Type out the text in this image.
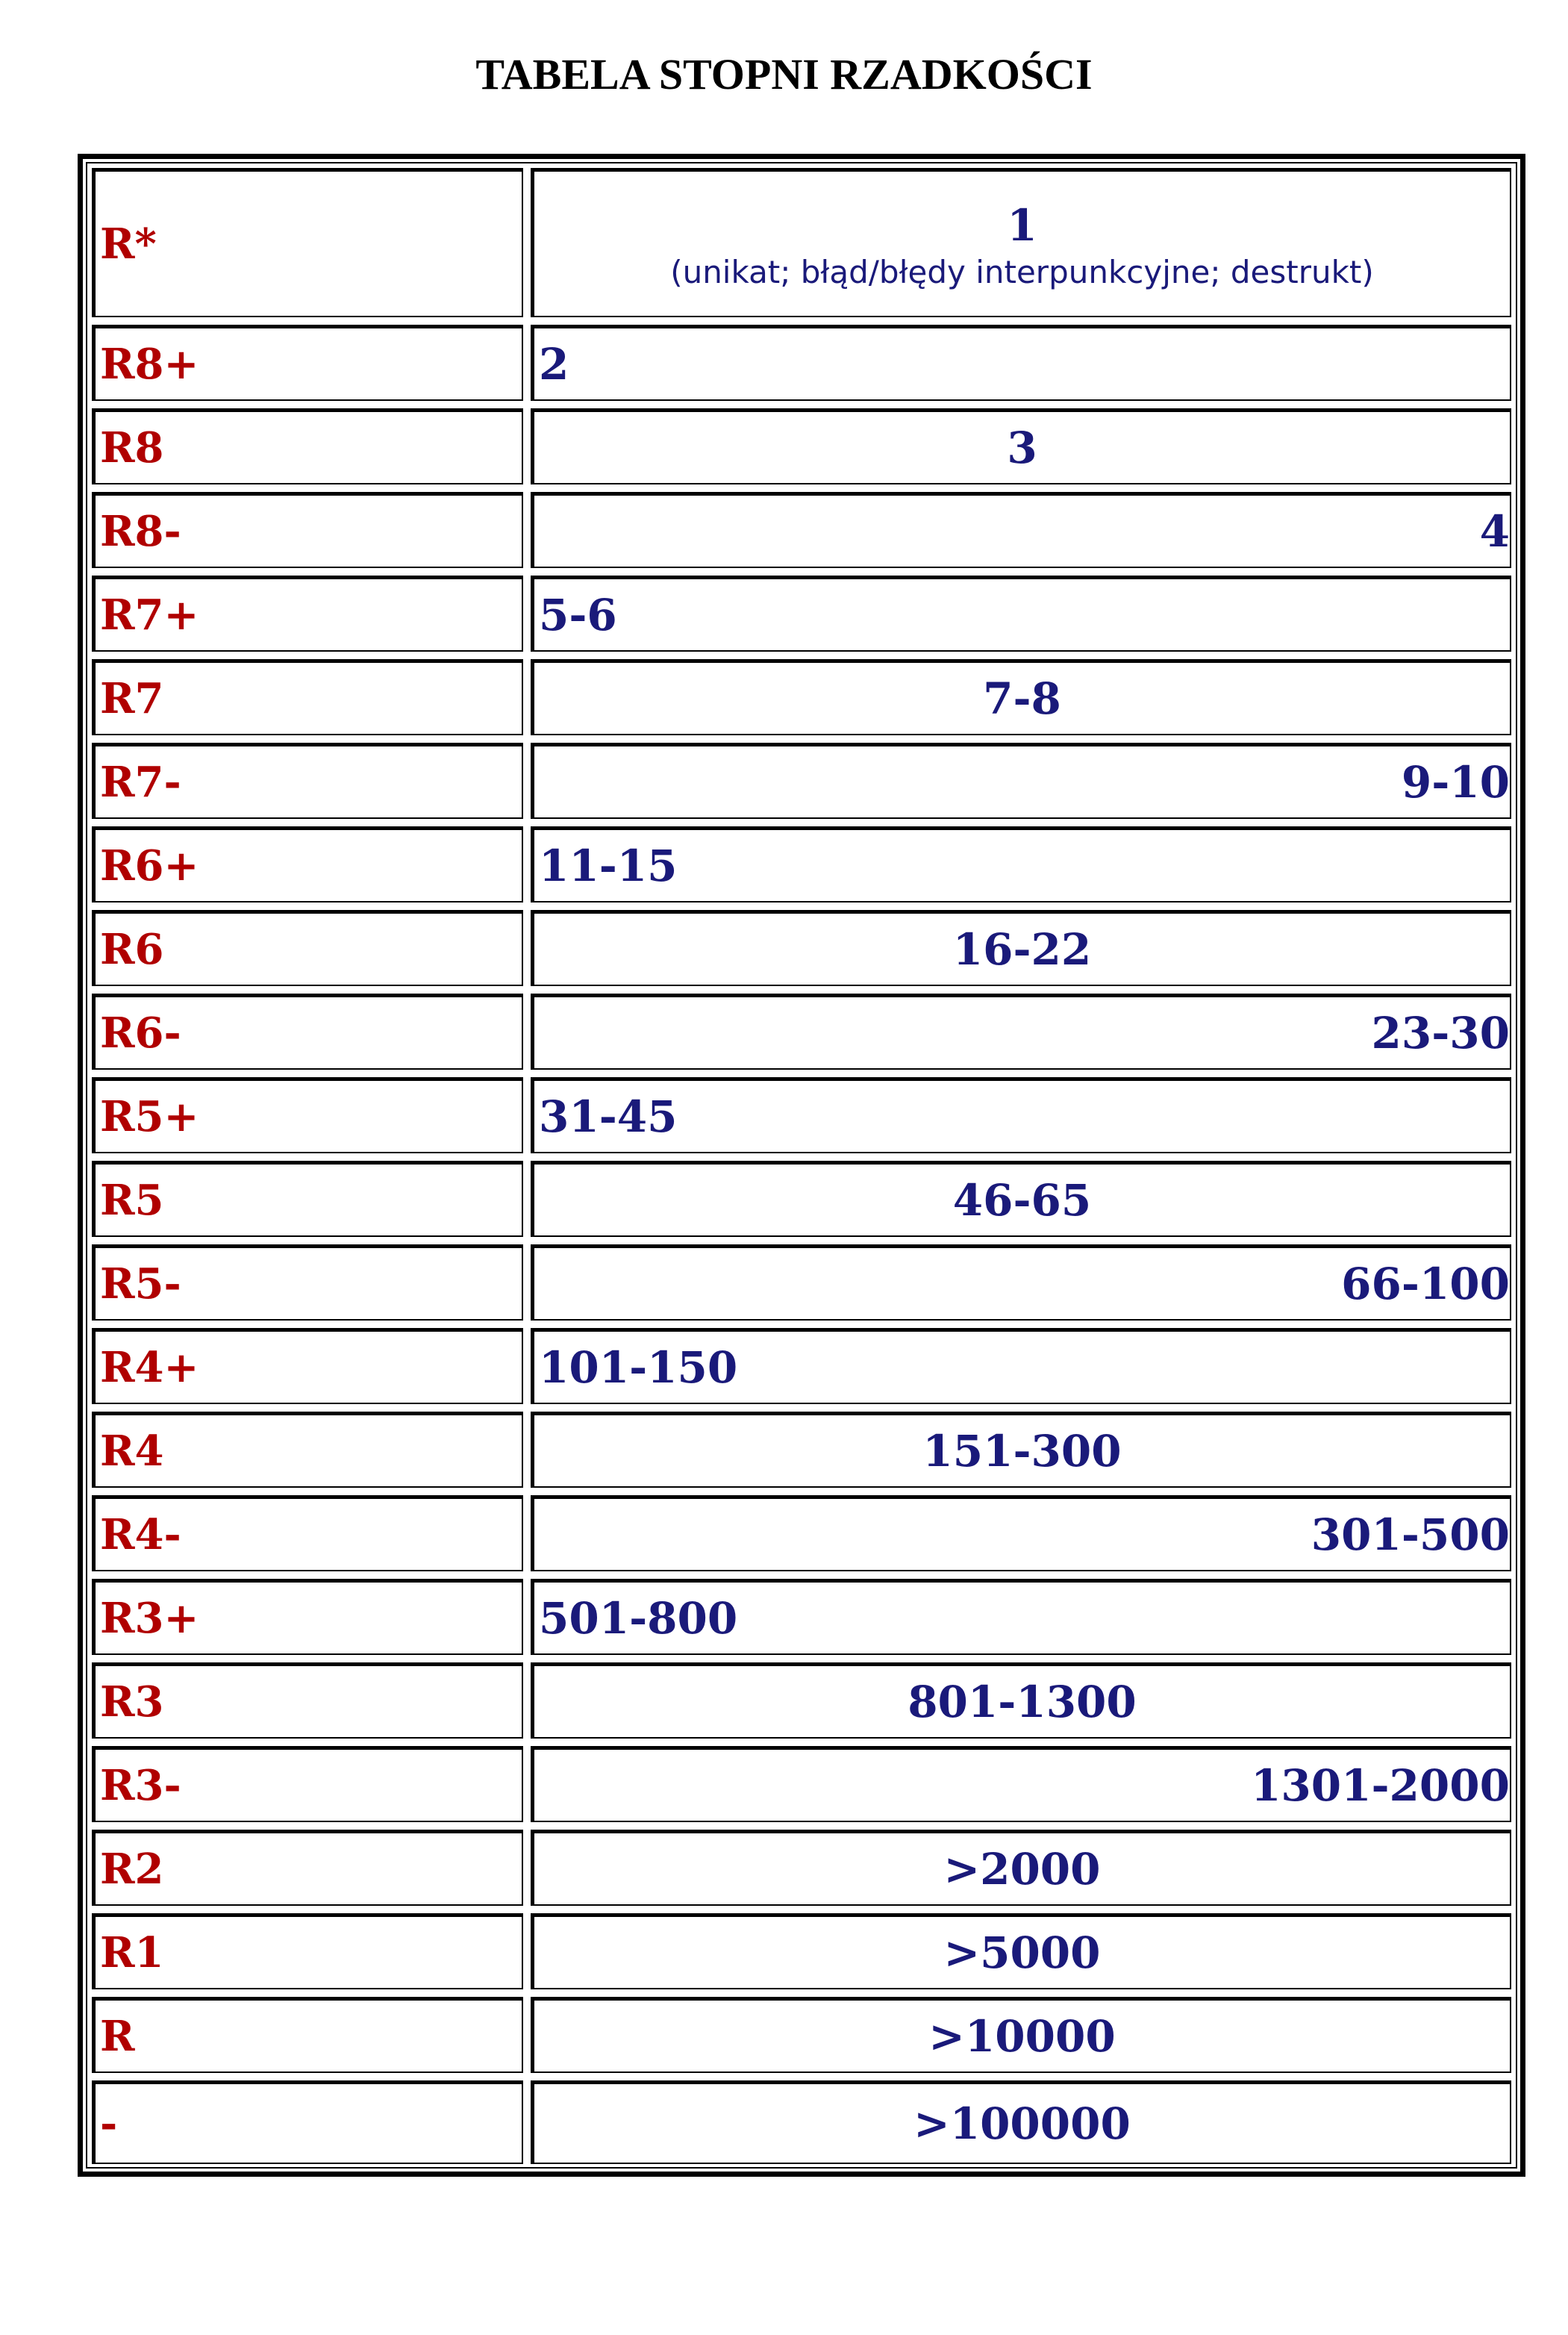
TABELA STOPNI RZADKOŚCI
R*	1
(unikat; błąd/błędy interpunkcyjne; destrukt)
R8+	2
R8	3
R8-	4
R7+	5-6
R7	7-8
R7-	9-10
R6+	11-15
R6	16-22
R6-	23-30
R5+	31-45
R5	46-65
R5-	66-100
R4+	101-150
R4	151-300
R4-	301-500
R3+	501-800
R3	801-1300
R3-	1301-2000
R2	>2000
R1	>5000
R	>10000
-	>100000
